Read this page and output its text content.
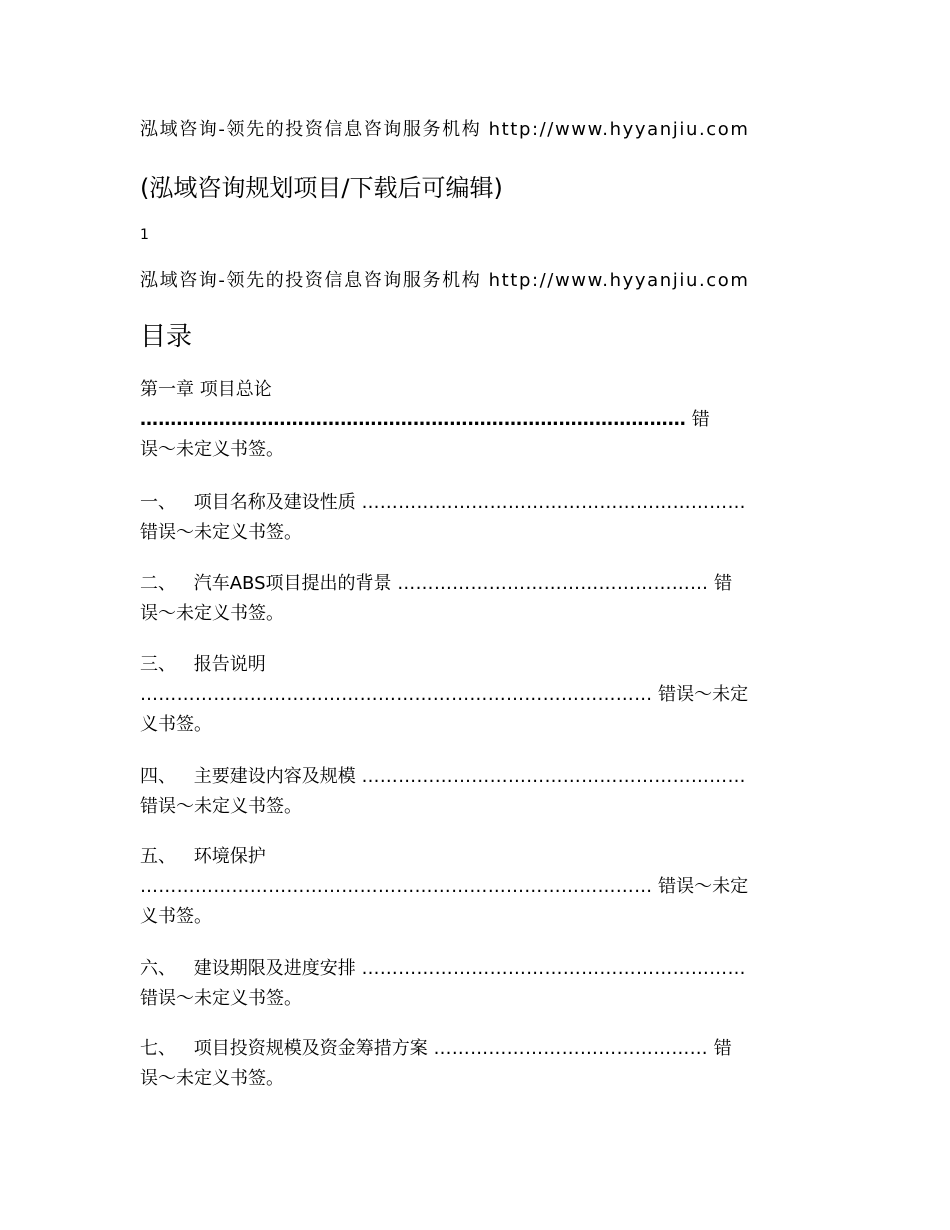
泓域咨询-领先的投资信息咨询服务机构 http://www.hyyanjiu.com
(泓域咨询规划项目/下载后可编辑)
1
泓域咨询-领先的投资信息咨询服务机构 http://www.hyyanjiu.com
目录
第一章 项目总论
……………………………………………………………………………… 错
误～未定义书签。
一、 项目名称及建设性质 ………………………………………………………
错误～未定义书签。
二、 汽车ABS项目提出的背景 …………………………………………… 错
误～未定义书签。
三、 报告说明
………………………………………………………………………… 错误～未定
义书签。
四、 主要建设内容及规模 ………………………………………………………
错误～未定义书签。
五、 环境保护
………………………………………………………………………… 错误～未定
义书签。
六、 建设期限及进度安排 ………………………………………………………
错误～未定义书签。
七、 项目投资规模及资金筹措方案 ……………………………………… 错
误～未定义书签。
